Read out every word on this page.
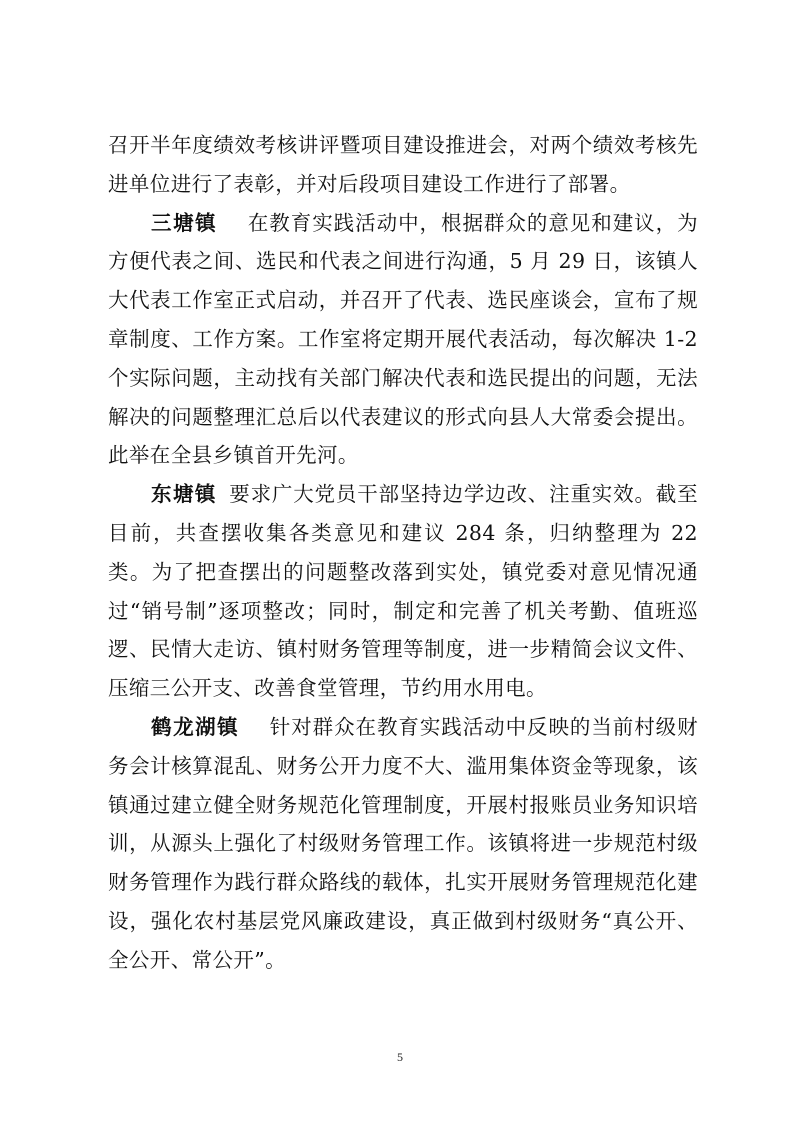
召开半年度绩效考核讲评暨项目建设推进会，对两个绩效考核先进单位进行了表彰，并对后段项目建设工作进行了部署。

三塘镇 在教育实践活动中，根据群众的意见和建议，为方便代表之间、选民和代表之间进行沟通，5 月 29 日，该镇人大代表工作室正式启动，并召开了代表、选民座谈会，宣布了规章制度、工作方案。工作室将定期开展代表活动，每次解决 1-2 个实际问题，主动找有关部门解决代表和选民提出的问题，无法解决的问题整理汇总后以代表建议的形式向县人大常委会提出。此举在全县乡镇首开先河。

东塘镇 要求广大党员干部坚持边学边改、注重实效。截至目前，共查摆收集各类意见和建议 284 条，归纳整理为 22 类。为了把查摆出的问题整改落到实处，镇党委对意见情况通过“销号制”逐项整改；同时，制定和完善了机关考勤、值班巡逻、民情大走访、镇村财务管理等制度，进一步精简会议文件、压缩三公开支、改善食堂管理，节约用水用电。

鹤龙湖镇 针对群众在教育实践活动中反映的当前村级财务会计核算混乱、财务公开力度不大、滥用集体资金等现象，该镇通过建立健全财务规范化管理制度，开展村报账员业务知识培训，从源头上强化了村级财务管理工作。该镇将进一步规范村级财务管理作为践行群众路线的载体，扎实开展财务管理规范化建设，强化农村基层党风廉政建设，真正做到村级财务“真公开、全公开、常公开”。

5
